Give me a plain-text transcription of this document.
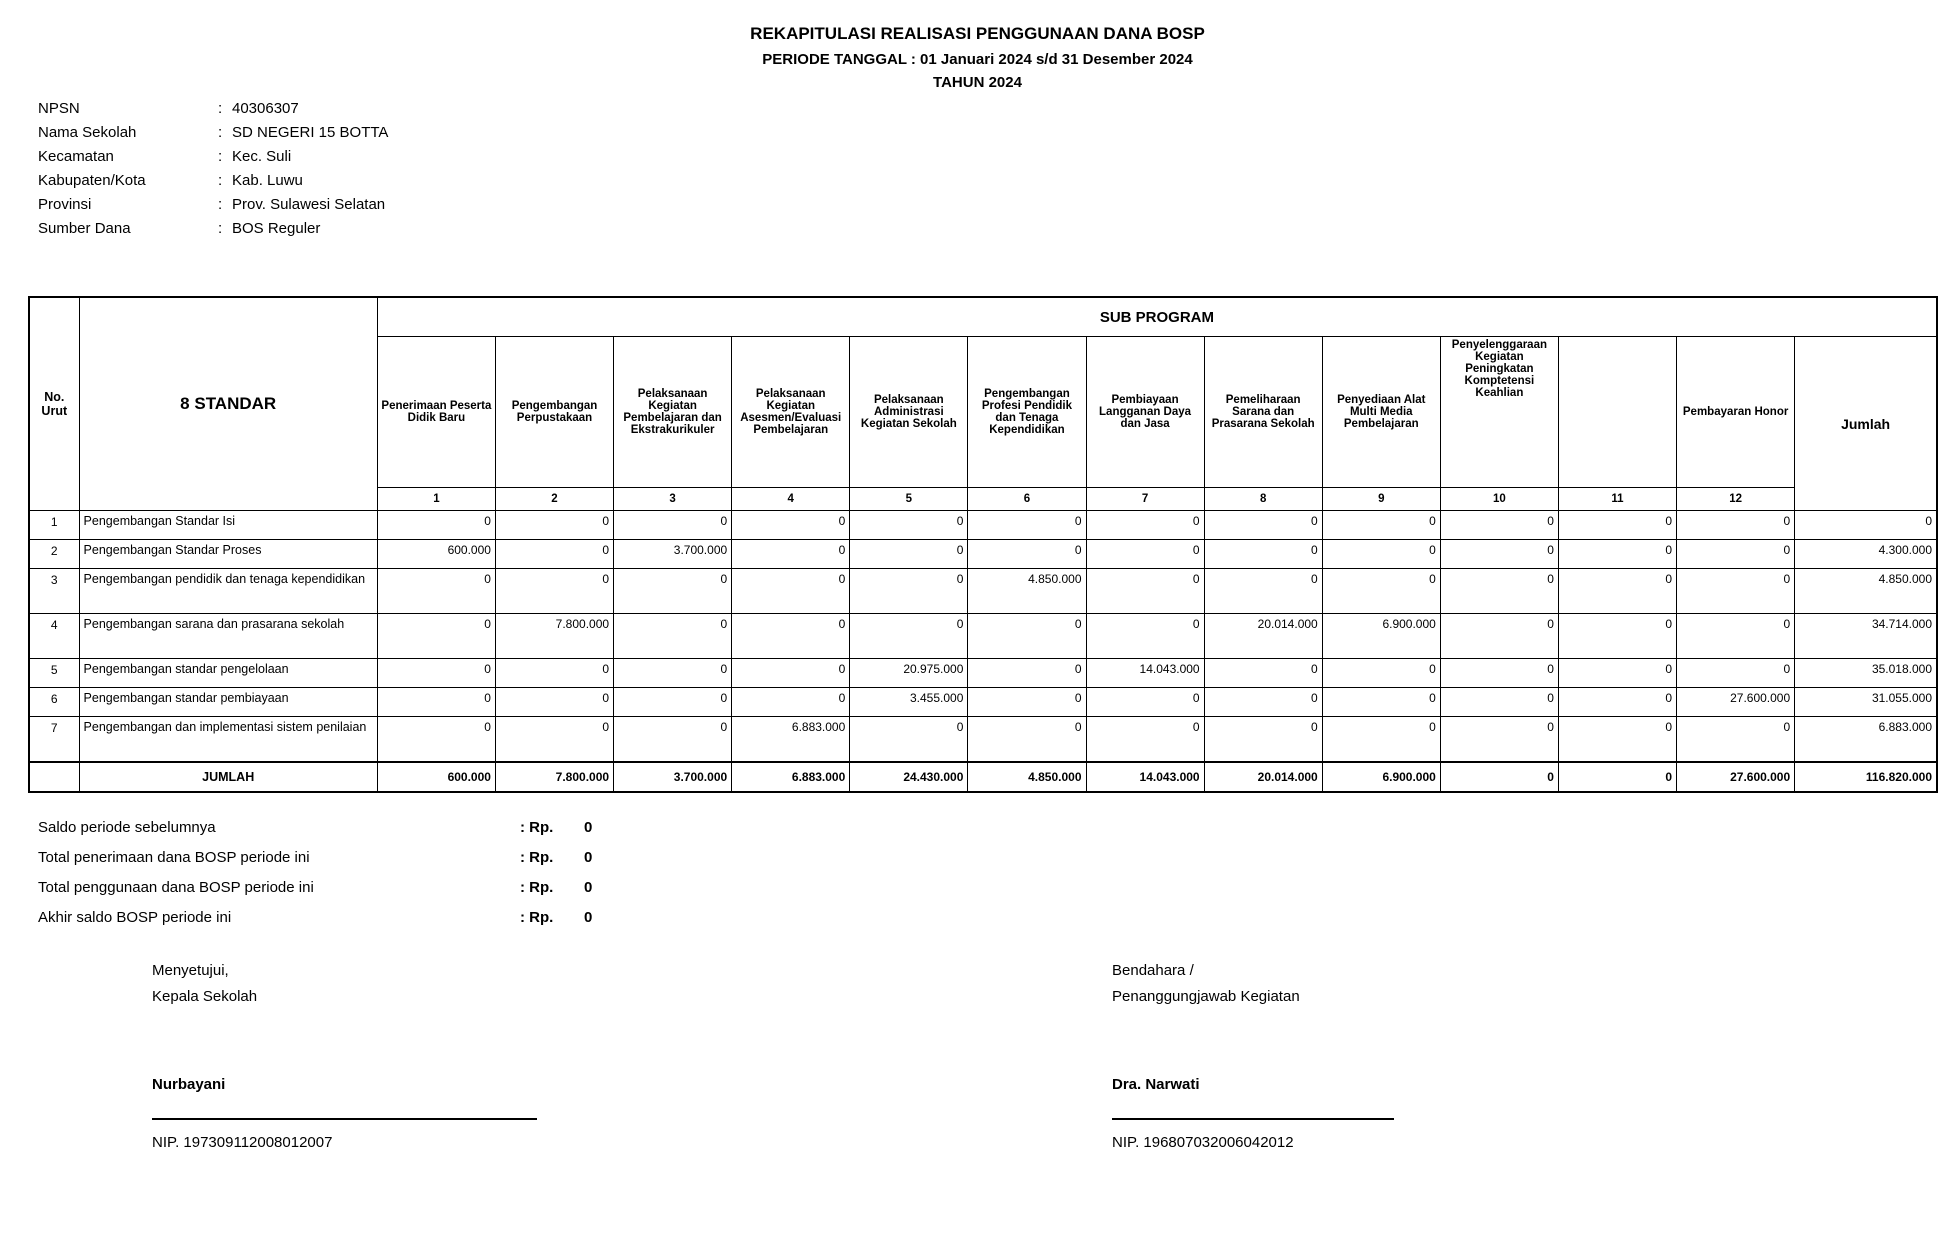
REKAPITULASI REALISASI PENGGUNAAN DANA BOSP
PERIODE TANGGAL : 01 Januari 2024 s/d 31 Desember 2024
TAHUN 2024
NPSN	: 40306307
Nama Sekolah	: SD NEGERI 15 BOTTA
Kecamatan	: Kec. Suli
Kabupaten/Kota	: Kab. Luwu
Provinsi	: Prov. Sulawesi Selatan
Sumber Dana	: BOS Reguler
No. Urut	8 STANDAR	SUB PROGRAM												
		Penerimaan Peserta Didik Baru	Pengembangan Perpustakaan	Pelaksanaan Kegiatan Pembelajaran dan Ekstrakurikuler	Pelaksanaan Kegiatan Asesmen/Evaluasi Pembelajaran	Pelaksanaan Administrasi Kegiatan Sekolah	Pengembangan Profesi Pendidik dan Tenaga Kependidikan	Pembiayaan Langganan Daya dan Jasa	Pemeliharaan Sarana dan Prasarana Sekolah	Penyediaan Alat Multi Media Pembelajaran	Penyelenggaraan Kegiatan Peningkatan Komptetensi Keahlian		Pembayaran Honor	Jumlah
		1	2	3	4	5	6	7	8	9	10	11	12	
1	Pengembangan Standar Isi	0	0	0	0	0	0	0	0	0	0	0	0	0
2	Pengembangan Standar Proses	600.000	0	3.700.000	0	0	0	0	0	0	0	0	0	4.300.000
3	Pengembangan pendidik dan tenaga kependidikan	0	0	0	0	0	4.850.000	0	0	0	0	0	0	4.850.000
4	Pengembangan sarana dan prasarana sekolah	0	7.800.000	0	0	0	0	0	20.014.000	6.900.000	0	0	0	34.714.000
5	Pengembangan standar pengelolaan	0	0	0	0	20.975.000	0	14.043.000	0	0	0	0	0	35.018.000
6	Pengembangan standar pembiayaan	0	0	0	0	3.455.000	0	0	0	0	0	0	27.600.000	31.055.000
7	Pengembangan dan implementasi sistem penilaian	0	0	0	6.883.000	0	0	0	0	0	0	0	0	6.883.000
	JUMLAH	600.000	7.800.000	3.700.000	6.883.000	24.430.000	4.850.000	14.043.000	20.014.000	6.900.000	0	0	27.600.000	116.820.000
Saldo periode sebelumnya	: Rp.	0
Total penerimaan dana BOSP periode ini	: Rp.	0
Total penggunaan dana BOSP periode ini	: Rp.	0
Akhir saldo BOSP periode ini	: Rp.	0
Menyetujui,
Kepala Sekolah
Nurbayani
NIP. 197309112008012007
Bendahara /
Penanggungjawab Kegiatan
Dra. Narwati
NIP. 196807032006042012
